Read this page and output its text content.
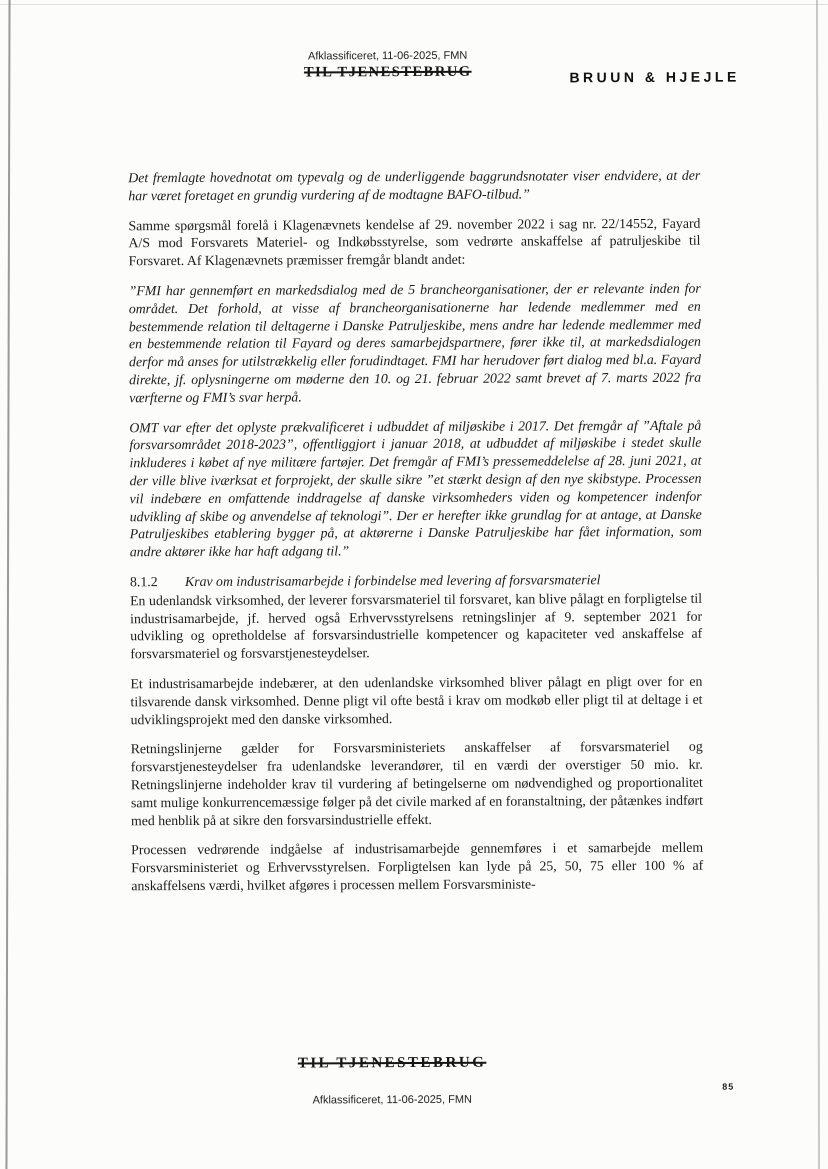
Afklassificeret, 11-06-2025, FMN
TIL TJENESTEBRUG	BRUUN & HJEJLE
Det fremlagte hovednotat om typevalg og de underliggende baggrundsnotater viser endvidere, at der har været foretaget en grundig vurdering af de modtagne BAFO-tilbud.”
Samme spørgsmål forelå i Klagenævnets kendelse af 29. november 2022 i sag nr. 22/14552, Fayard A/S mod Forsvarets Materiel- og Indkøbsstyrelse, som vedrørte anskaffelse af patruljeskibe til Forsvaret. Af Klagenævnets præmisser fremgår blandt andet:
”FMI har gennemført en markedsdialog med de 5 brancheorganisationer, der er relevante inden for området. Det forhold, at visse af brancheorganisationerne har ledende medlemmer med en bestemmende relation til deltagerne i Danske Patruljeskibe, mens andre har ledende medlemmer med en bestemmende relation til Fayard og deres samarbejdspartnere, fører ikke til, at markedsdialogen derfor må anses for utilstrækkelig eller forudindtaget. FMI har herudover ført dialog med bl.a. Fayard direkte, jf. oplysningerne om møderne den 10. og 21. februar 2022 samt brevet af 7. marts 2022 fra værfterne og FMI’s svar herpå.
OMT var efter det oplyste prækvalificeret i udbuddet af miljøskibe i 2017. Det fremgår af ”Aftale på forsvarsområdet 2018-2023”, offentliggjort i januar 2018, at udbuddet af miljøskibe i stedet skulle inkluderes i købet af nye militære fartøjer. Det fremgår af FMI’s pressemeddelelse af 28. juni 2021, at der ville blive iværksat et forprojekt, der skulle sikre ”et stærkt design af den nye skibstype. Processen vil indebære en omfattende inddragelse af danske virksomheders viden og kompetencer indenfor udvikling af skibe og anvendelse af teknologi”. Der er herefter ikke grundlag for at antage, at Danske Patruljeskibes etablering bygger på, at aktørerne i Danske Patruljeskibe har fået information, som andre aktører ikke har haft adgang til.”
8.1.2 Krav om industrisamarbejde i forbindelse med levering af forsvarsmateriel
En udenlandsk virksomhed, der leverer forsvarsmateriel til forsvaret, kan blive pålagt en forpligtelse til industrisamarbejde, jf. herved også Erhvervsstyrelsens retningslinjer af 9. september 2021 for udvikling og opretholdelse af forsvarsindustrielle kompetencer og kapaciteter ved anskaffelse af forsvarsmateriel og forsvarstjenesteydelser.
Et industrisamarbejde indebærer, at den udenlandske virksomhed bliver pålagt en pligt over for en tilsvarende dansk virksomhed. Denne pligt vil ofte bestå i krav om modkøb eller pligt til at deltage i et udviklingsprojekt med den danske virksomhed.
Retningslinjerne gælder for Forsvarsministeriets anskaffelser af forsvarsmateriel og forsvarstjenesteydelser fra udenlandske leverandører, til en værdi der overstiger 50 mio. kr. Retningslinjerne indeholder krav til vurdering af betingelserne om nødvendighed og proportionalitet samt mulige konkurrencemæssige følger på det civile marked af en foranstaltning, der påtænkes indført med henblik på at sikre den forsvarsindustrielle effekt.
Processen vedrørende indgåelse af industrisamarbejde gennemføres i et samarbejde mellem Forsvarsministeriet og Erhvervsstyrelsen. Forpligtelsen kan lyde på 25, 50, 75 eller 100 % af anskaffelsens værdi, hvilket afgøres i processen mellem Forsvarsministe-
TIL TJENESTEBRUG
Afklassificeret, 11-06-2025, FMN
85
